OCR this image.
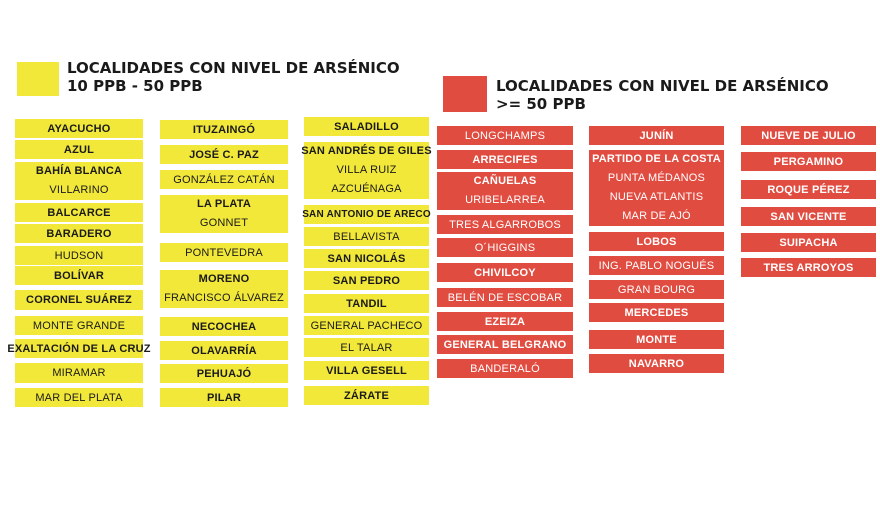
LOCALIDADES CON NIVEL DE ARSÉNICO
10 PPB - 50 PPB	LOCALIDADES CON NIVEL DE ARSÉNICO
>= 50 PPB
AYACUCHO
AZUL
BAHÍA BLANCA
VILLARINO
BALCARCE
BARADERO
HUDSON
BOLÍVAR
CORONEL SUÁREZ
MONTE GRANDE
EXALTACIÓN DE LA CRUZ
MIRAMAR
MAR DEL PLATA
ITUZAINGÓ
JOSÉ C. PAZ
GONZÁLEZ CATÁN
LA PLATA
GONNET
PONTEVEDRA
MORENO
FRANCISCO ÁLVAREZ
NECOCHEA
OLAVARRÍA
PEHUAJÓ
PILAR
SALADILLO
SAN ANDRÉS DE GILES
VILLA RUIZ
AZCUÉNAGA
SAN ANTONIO DE ARECO
BELLAVISTA
SAN NICOLÁS
SAN PEDRO
TANDIL
GENERAL PACHECO
EL TALAR
VILLA GESELL
ZÁRATE
LONGCHAMPS
ARRECIFES
CAÑUELAS
URIBELARREA
TRES ALGARROBOS
O´HIGGINS
CHIVILCOY
BELÉN DE ESCOBAR
EZEIZA
GENERAL BELGRANO
BANDERALÓ
JUNÍN
PARTIDO DE LA COSTA
PUNTA MÉDANOS
NUEVA ATLANTIS
MAR DE AJÓ
LOBOS
ING. PABLO NOGUÉS
GRAN BOURG
MERCEDES
MONTE
NAVARRO
NUEVE DE JULIO
PERGAMINO
ROQUE PÉREZ
SAN VICENTE
SUIPACHA
TRES ARROYOS
